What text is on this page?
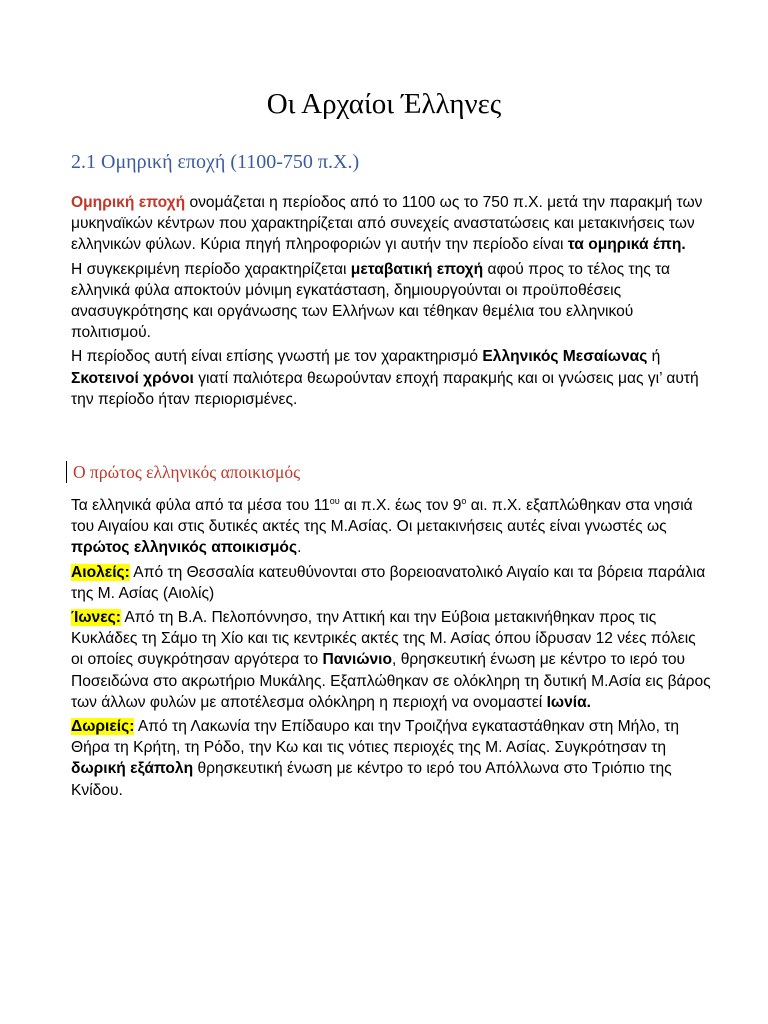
Οι Αρχαίοι Έλληνες
2.1 Ομηρική εποχή (1100-750 π.Χ.)

Ομηρική εποχή ονομάζεται η περίοδος από το 1100 ως το 750 π.Χ. μετά την παρακμή των μυκηναϊκών κέντρων που χαρακτηρίζεται από συνεχείς αναστατώσεις και μετακινήσεις των ελληνικών φύλων. Κύρια πηγή πληροφοριών γι αυτήν την περίοδο είναι τα ομηρικά έπη.

Η συγκεκριμένη περίοδο χαρακτηρίζεται μεταβατική εποχή αφού προς το τέλος της τα ελληνικά φύλα αποκτούν μόνιμη εγκατάσταση, δημιουργούνται οι προϋποθέσεις ανασυγκρότησης και οργάνωσης των Ελλήνων και τέθηκαν θεμέλια του ελληνικού πολιτισμού.

Η περίοδος αυτή είναι επίσης γνωστή με τον χαρακτηρισμό Ελληνικός Μεσαίωνας ή Σκοτεινοί χρόνοι γιατί παλιότερα θεωρούνταν εποχή παρακμής και οι γνώσεις μας γι’ αυτή την περίοδο ήταν περιορισμένες.

Ο πρώτος ελληνικός αποικισμός

Τα ελληνικά φύλα από τα μέσα του $11^{o\upsilon}$ αι π.Χ. έως τον $9^o$ αι. π.Χ. εξαπλώθηκαν στα νησιά του Αιγαίου και στις δυτικές ακτές της Μ.Ασίας. Οι μετακινήσεις αυτές είναι γνωστές ως πρώτος ελληνικός αποικισμός.

Αιολείς: Από τη Θεσσαλία κατευθύνονται στο βορειοανατολικό Αιγαίο και τα βόρεια παράλια της Μ. Ασίας (Αιολίς)

Ίωνες: Από τη Β.Α. Πελοπόννησο, την Αττική και την Εύβοια μετακινήθηκαν προς τις Κυκλάδες τη Σάμο τη Χίο και τις κεντρικές ακτές της Μ. Ασίας όπου ίδρυσαν 12 νέες πόλεις οι οποίες συγκρότησαν αργότερα το Πανιώνιο, θρησκευτική ένωση με κέντρο το ιερό του Ποσειδώνα στο ακρωτήριο Μυκάλης. Εξαπλώθηκαν σε ολόκληρη τη δυτική Μ.Ασία εις βάρος των άλλων φυλών με αποτέλεσμα ολόκληρη η περιοχή να ονομαστεί Ιωνία.

Δωριείς: Από τη Λακωνία την Επίδαυρο και την Τροιζήνα εγκαταστάθηκαν στη Μήλο, τη Θήρα τη Κρήτη, τη Ρόδο, την Κω και τις νότιες περιοχές της Μ. Ασίας. Συγκρότησαν τη δωρική εξάπολη θρησκευτική ένωση με κέντρο το ιερό του Απόλλωνα στο Τριόπιο της Κνίδου.
